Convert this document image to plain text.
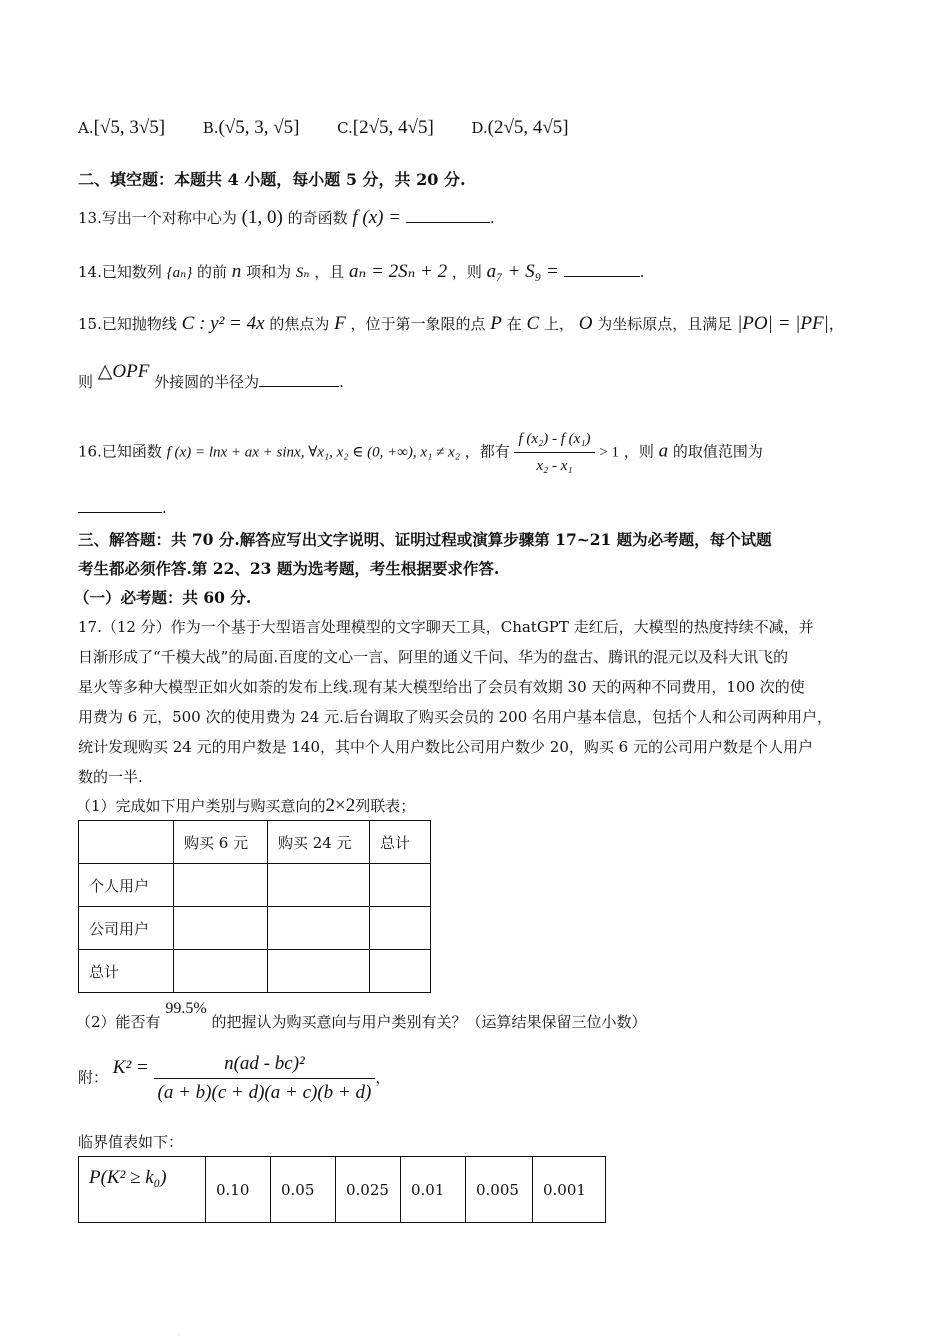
A.[√5, 3√5]	B.(√5, 3, √5]	C.[2√5, 4√5]	D.(2√5, 4√5]
二、填空题：本题共 4 小题，每小题 5 分，共 20 分.
13.写出一个对称中心为 (1, 0) 的奇函数 f (x) =	.
14.已知数列 {aₙ} 的前 n 项和为 Sₙ ，且 aₙ = 2Sₙ + 2 ，则 a₇ + S₉ =	.
15.已知抛物线 C : y² = 4x 的焦点为 F ，位于第一象限的点 P 在 C 上， O 为坐标原点，且满足 |PO| = |PF|，
则 △OPF 外接圆的半径为	.
16.已知函数 f (x) = lnx + ax + sinx, ∀x₁, x₂ ∈ (0, +∞), x₁ ≠ x₂ ，都有 $\frac{\text{f (x₂) - f (x₁)}}{\text{x₂ - x₁}} > 1$ ，则 a 的取值范围为
.
三、解答题：共 70 分.解答应写出文字说明、证明过程或演算步骤第 17~21 题为必考题，每个试题
考生都必须作答.第 22、23 题为选考题，考生根据要求作答.
（一）必考题：共 60 分.
17.（12 分）作为一个基于大型语言处理模型的文字聊天工具，ChatGPT 走红后，大模型的热度持续不减，并
日渐形成了“千模大战”的局面.百度的文心一言、阿里的通义千问、华为的盘古、腾讯的混元以及科大讯飞的
星火等多种大模型正如火如荼的发布上线.现有某大模型给出了会员有效期 30 天的两种不同费用，100 次的使
用费为 6 元，500 次的使用费为 24 元.后台调取了购买会员的 200 名用户基本信息，包括个人和公司两种用户，
统计发现购买 24 元的用户数是 140，其中个人用户数比公司用户数少 20，购买 6 元的公司用户数是个人用户
数的一半.
（1）完成如下用户类别与购买意向的2×2列联表；
	购买 6 元	购买 24 元	总计
个人用户			
公司用户			
总计			
（2）能否有 99.5% 的把握认为购买意向与用户类别有关？（运算结果保留三位小数）
附： $K^2 = \frac{\text{n(ad - bc)²}}{(a + b)(c + d)(a + c)(b + d)}$ ，
临界值表如下：
P(K² ≥ k₀)	0.10	0.05	0.025	0.01	0.005	0.001
.
